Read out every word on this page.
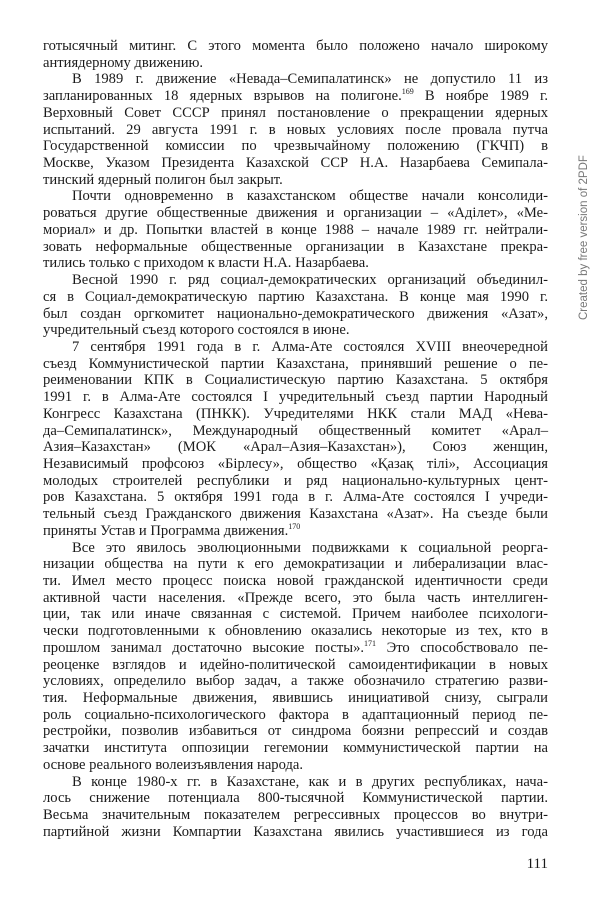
готысячный митинг. С этого момента было положено начало широкому
антиядерному движению.
В 1989 г. движение «Невада–Семипалатинск» не допустило 11 из
запланированных 18 ядерных взрывов на полигоне.$^{169}$ В ноябре 1989 г.
Верховный Совет СССР принял постановление о прекращении ядерных
испытаний. 29 августа 1991 г. в новых условиях после провала путча
Государственной комиссии по чрезвычайному положению (ГКЧП) в
Москве, Указом Президента Казахской ССР Н.А. Назарбаева Семипала-
тинский ядерный полигон был закрыт.
Почти одновременно в казахстанском обществе начали консолиди-
роваться другие общественные движения и организации – «Адiлет», «Ме-
мориал» и др. Попытки властей в конце 1988 – начале 1989 гг. нейтрали-
зовать неформальные общественные организации в Казахстане прекра-
тились только с приходом к власти Н.А. Назарбаева.
Весной 1990 г. ряд социал-демократических организаций объединил-
ся в Социал-демократическую партию Казахстана. В конце мая 1990 г.
был создан оргкомитет национально-демократического движения «Азат»,
учредительный съезд которого состоялся в июне.
7 сентября 1991 года в г. Алма-Ате состоялся XVIII внеочередной
съезд Коммунистической партии Казахстана, принявший решение о пе-
реименовании КПК в Социалистическую партию Казахстана. 5 октября
1991 г. в Алма-Ате состоялся I учредительный съезд партии Народный
Конгресс Казахстана (ПНКК). Учредителями НКК стали МАД «Нева-
да–Семипалатинск», Международный общественный комитет «Арал–
Азия–Казахстан» (МОК «Арал–Азия–Казахстан»), Союз женщин,
Независимый профсоюз «Бірлесу», общество «Қазақ тілі», Ассоциация
молодых строителей республики и ряд национально-культурных цент-
ров Казахстана. 5 октября 1991 года в г. Алма-Ате состоялся I учреди-
тельный съезд Гражданского движения Казахстана «Азат». На съезде были
приняты Устав и Программа движения.$^{170}$
Все это явилось эволюционными подвижками к социальной реорга-
низации общества на пути к его демократизации и либерализации влас-
ти. Имел место процесс поиска новой гражданской идентичности среди
активной части населения. «Прежде всего, это была часть интеллиген-
ции, так или иначе связанная с системой. Причем наиболее психологи-
чески подготовленными к обновлению оказались некоторые из тех, кто в
прошлом занимал достаточно высокие посты».$^{171}$ Это способствовало пе-
реоценке взглядов и идейно-политической самоидентификации в новых
условиях, определило выбор задач, а также обозначило стратегию разви-
тия. Неформальные движения, явившись инициативой снизу, сыграли
роль социально-психологического фактора в адаптационный период пе-
рестройки, позволив избавиться от синдрома боязни репрессий и создав
зачатки института оппозиции гегемонии коммунистической партии на
основе реального волеизъявления народа.
В конце 1980-х гг. в Казахстане, как и в других республиках, нача-
лось снижение потенциала 800-тысячной Коммунистической партии.
Весьма значительным показателем регрессивных процессов во внутри-
партийной жизни Компартии Казахстана явились участившиеся из года
111
Created by free version of 2PDF
